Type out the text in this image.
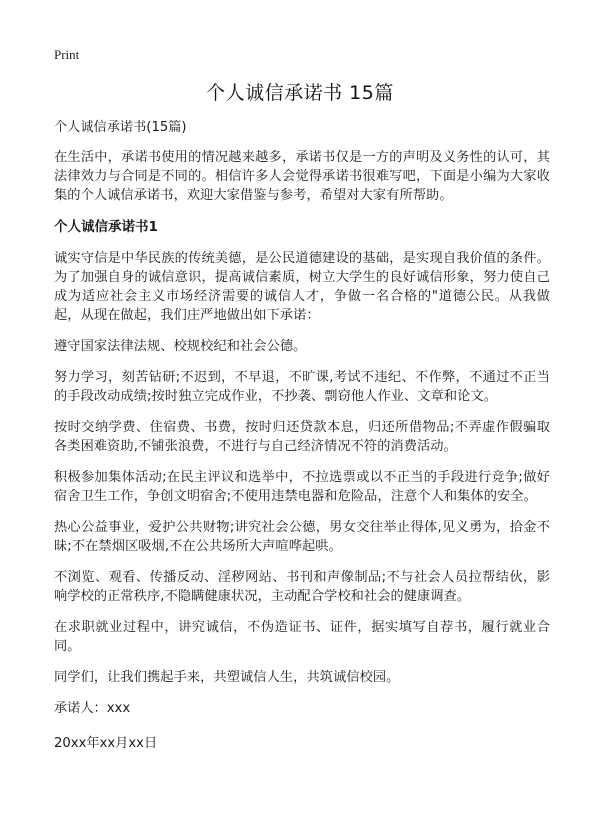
Print
个人诚信承诺书 15篇
个人诚信承诺书(15篇)

在生活中，承诺书使用的情况越来越多，承诺书仅是一方的声明及义务性的认可，其法律效力与合同是不同的。相信许多人会觉得承诺书很难写吧，下面是小编为大家收集的个人诚信承诺书，欢迎大家借鉴与参考，希望对大家有所帮助。

个人诚信承诺书1

诚实守信是中华民族的传统美德，是公民道德建设的基础，是实现自我价值的条件。为了加强自身的诚信意识，提高诚信素质，树立大学生的良好诚信形象，努力使自己成为适应社会主义市场经济需要的诚信人才，争做一名合格的"道德公民。从我做起，从现在做起，我们庄严地做出如下承诺：

遵守国家法律法规、校规校纪和社会公德。

努力学习，刻苦钻研;不迟到，不早退，不旷课,考试不违纪、不作弊，不通过不正当的手段改动成绩;按时独立完成作业，不抄袭、剽窃他人作业、文章和论文。

按时交纳学费、住宿费、书费，按时归还贷款本息，归还所借物品;不弄虚作假骗取各类困难资助,不铺张浪费，不进行与自己经济情况不符的消费活动。

积极参加集体活动;在民主评议和选举中，不拉选票或以不正当的手段进行竞争;做好宿舍卫生工作，争创文明宿舍;不使用违禁电器和危险品，注意个人和集体的安全。

热心公益事业，爱护公共财物;讲究社会公德，男女交往举止得体,见义勇为，拾金不昧;不在禁烟区吸烟,不在公共场所大声喧哗起哄。

不浏览、观看、传播反动、淫秽网站、书刊和声像制品;不与社会人员拉帮结伙，影响学校的正常秩序,不隐瞒健康状况，主动配合学校和社会的健康调查。

在求职就业过程中，讲究诚信，不伪造证书、证件，据实填写自荐书，履行就业合同。

同学们，让我们携起手来，共塑诚信人生，共筑诚信校园。

承诺人：xxx
20xx年xx月xx日
